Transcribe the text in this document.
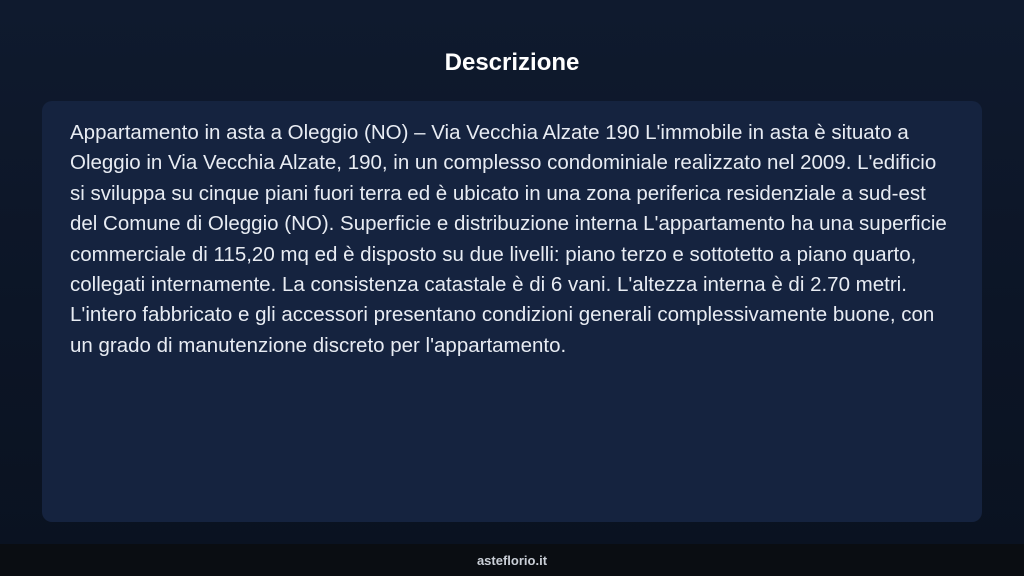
Descrizione

Appartamento in asta a Oleggio (NO) – Via Vecchia Alzate 190 L'immobile in asta è situato a Oleggio in Via Vecchia Alzate, 190, in un complesso condominiale realizzato nel 2009. L'edificio si sviluppa su cinque piani fuori terra ed è ubicato in una zona periferica residenziale a sud-est del Comune di Oleggio (NO). Superficie e distribuzione interna L'appartamento ha una superficie commerciale di 115,20 mq ed è disposto su due livelli: piano terzo e sottotetto a piano quarto, collegati internamente. La consistenza catastale è di 6 vani. L'altezza interna è di 2.70 metri. L'intero fabbricato e gli accessori presentano condizioni generali complessivamente buone, con un grado di manutenzione discreto per l'appartamento.

asteflorio.it
